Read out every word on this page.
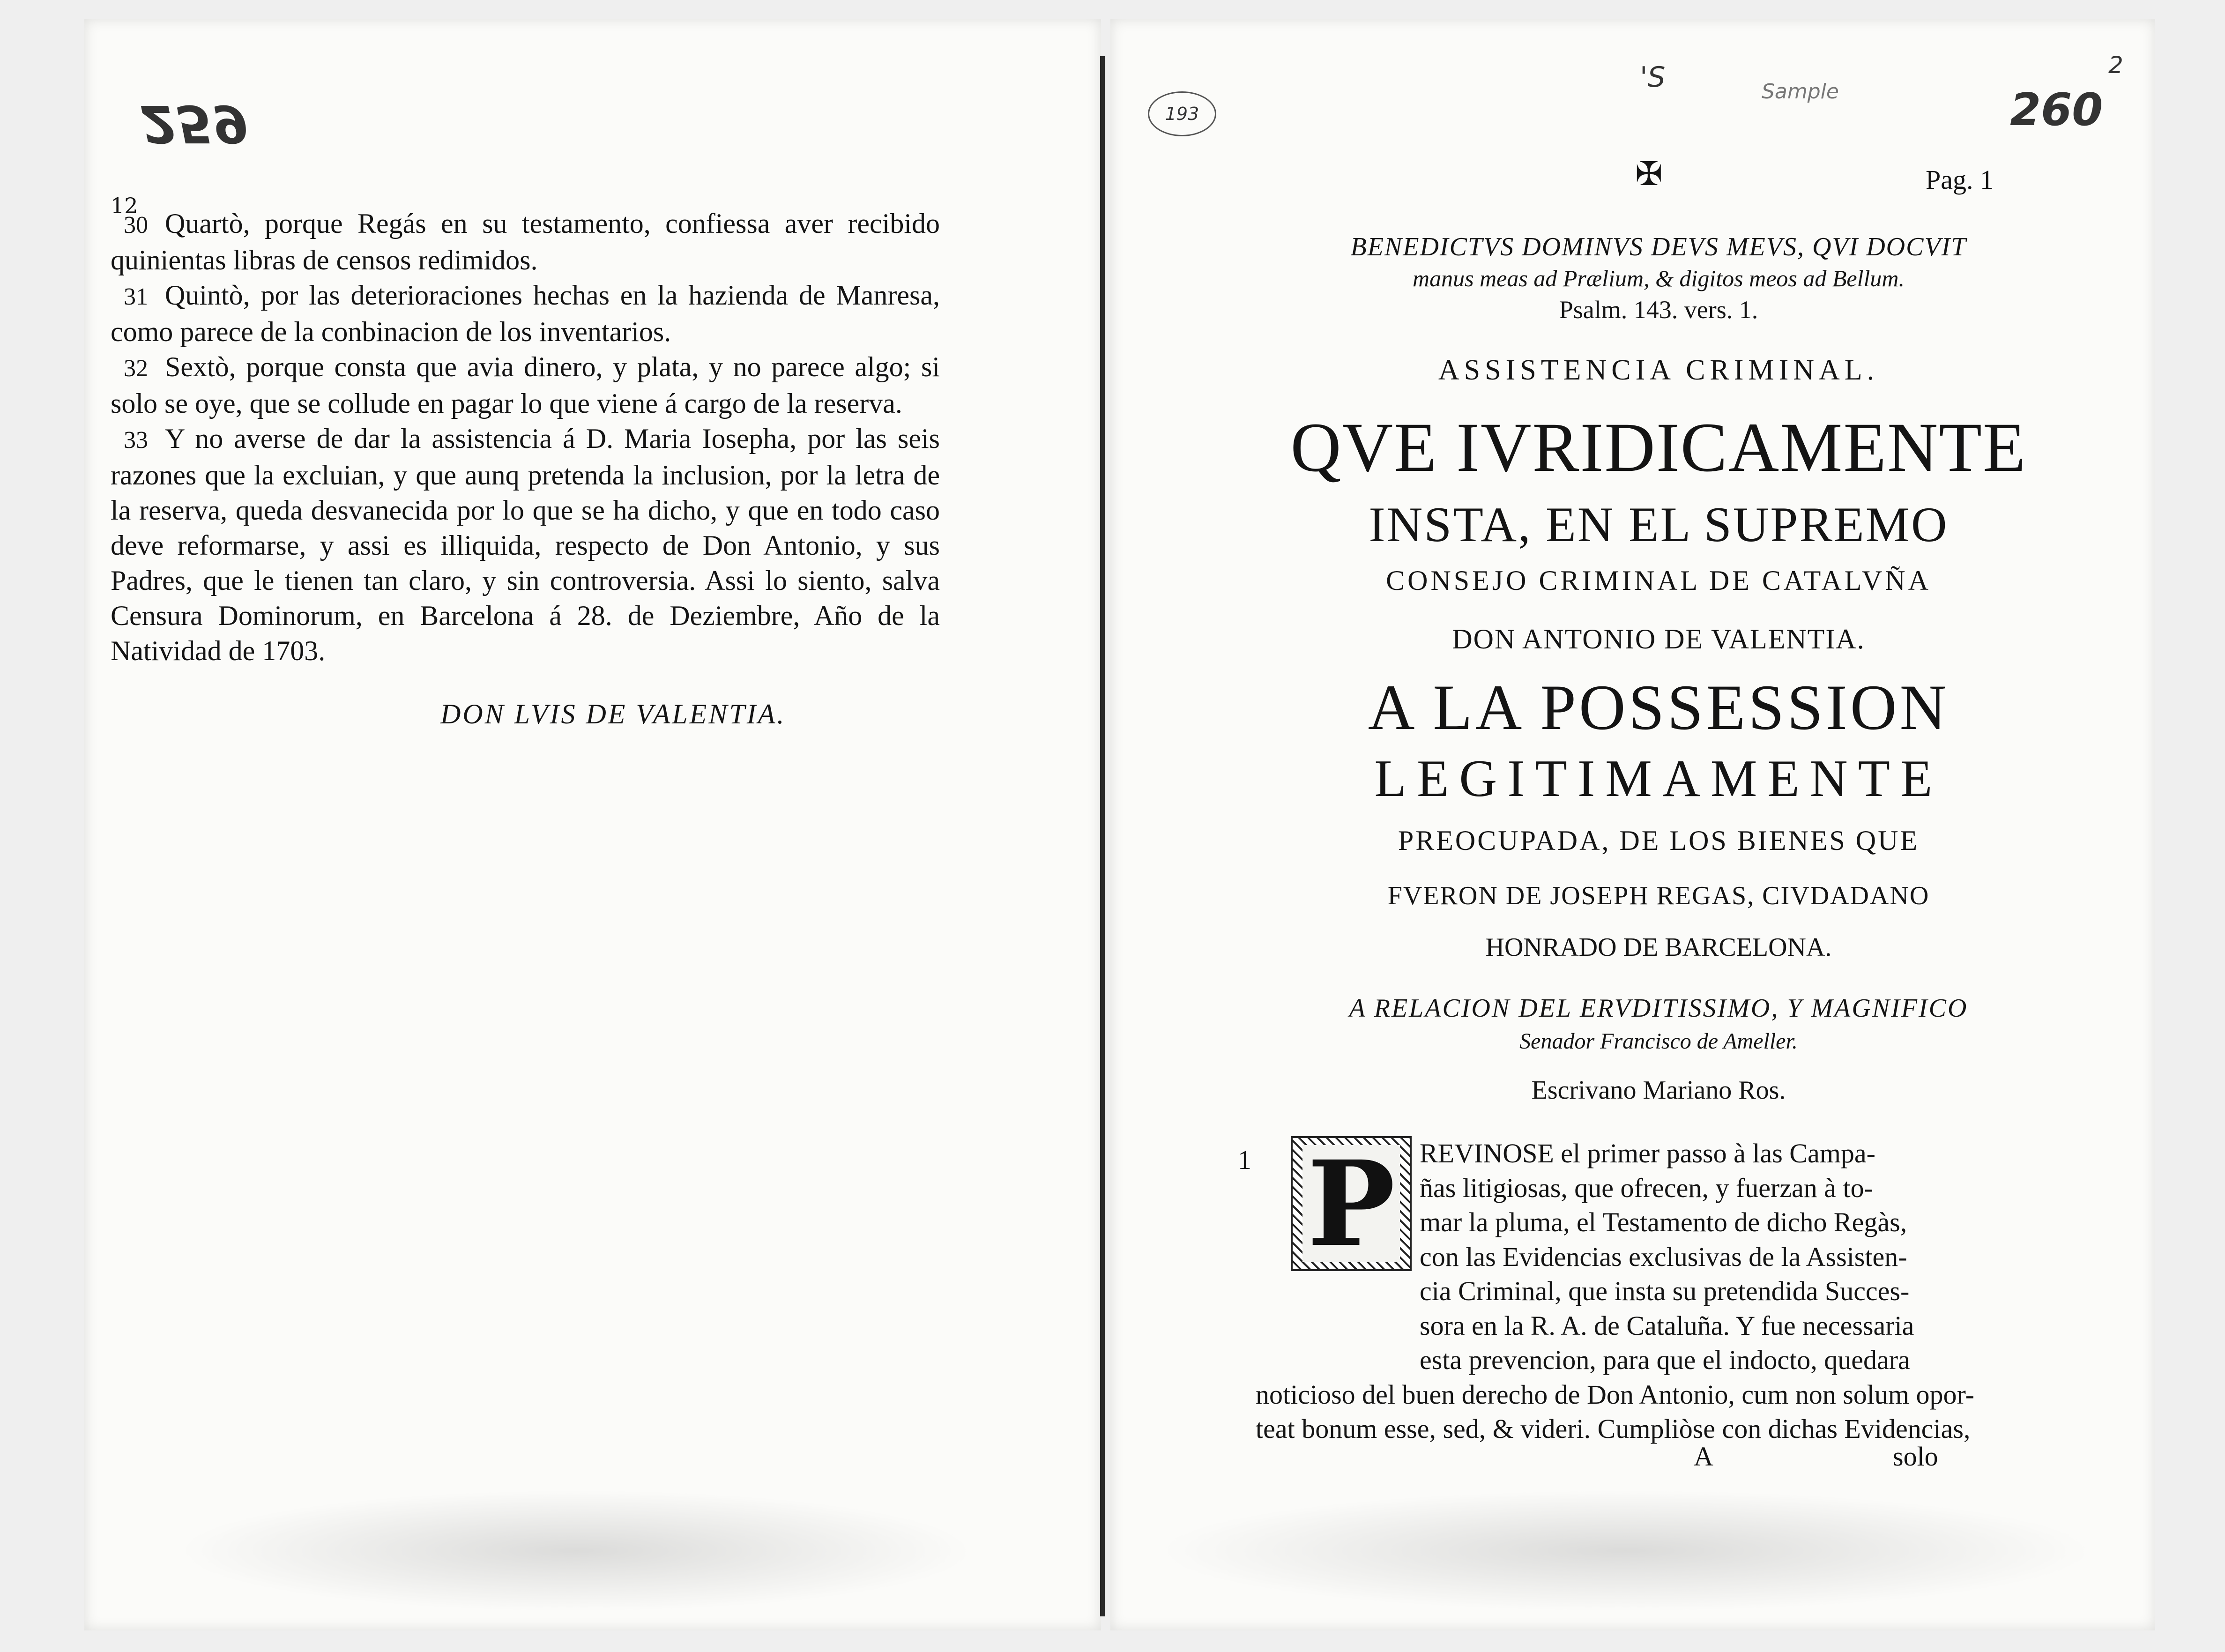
259
12

30 Quartò, porque Regás en su testamento, confiessa aver recibido quinientas libras de censos redimidos.

31 Quintò, por las deterioraciones hechas en la hazienda de Manresa, como parece de la conbinacion de los inventarios.

32 Sextò, porque consta que avia dinero, y plata, y no parece algo; si solo se oye, que se collude en pagar lo que viene á cargo de la reserva.

33 Y no averse de dar la assistencia á D. Maria Iosepha, por las seis razones que la excluian, y que aunq pretenda la inclusion, por la letra de la reserva, queda desvanecida por lo que se ha dicho, y que en todo caso deve reformarse, y assi es illiquida, respecto de Don Antonio, y sus Padres, que le tienen tan claro, y sin controversia. Assi lo siento, salva Censura Dominorum, en Barcelona á 28. de Deziembre, Año de la Natividad de 1703.

DON LVIS DE VALENTIA.
193
'S	Sample
2
260
✠	Pag. 1
BENEDICTVS DOMINVS DEVS MEVS, QVI DOCVIT
manus meas ad Prælium, & digitos meos ad Bellum.
Psalm. 143. vers. 1.
ASSISTENCIA CRIMINAL.
QVE IVRIDICAMENTE
INSTA, EN EL SUPREMO
CONSEJO CRIMINAL DE CATALVÑA
DON ANTONIO DE VALENTIA.
A LA POSSESSION
LEGITIMAMENTE
PREOCUPADA, DE LOS BIENES QUE
FVERON DE JOSEPH REGAS, CIVDADANO
HONRADO DE BARCELONA.
A RELACION DEL ERVDITISSIMO, Y MAGNIFICO
Senador Francisco de Ameller.
Escrivano Mariano Ros.
1 P REVINOSE el primer passo à las Campa-
ñas litigiosas, que ofrecen, y fuerzan à to-
mar la pluma, el Testamento de dicho Regàs,
con las Evidencias exclusivas de la Assisten-
cia Criminal, que insta su pretendida Succes-
sora en la R. A. de Cataluña. Y fue necessaria
esta prevencion, para que el indocto, quedara
noticioso del buen derecho de Don Antonio, cum non solum opor-
teat bonum esse, sed, & videri. Cumpliòse con dichas Evidencias,
A	solo
